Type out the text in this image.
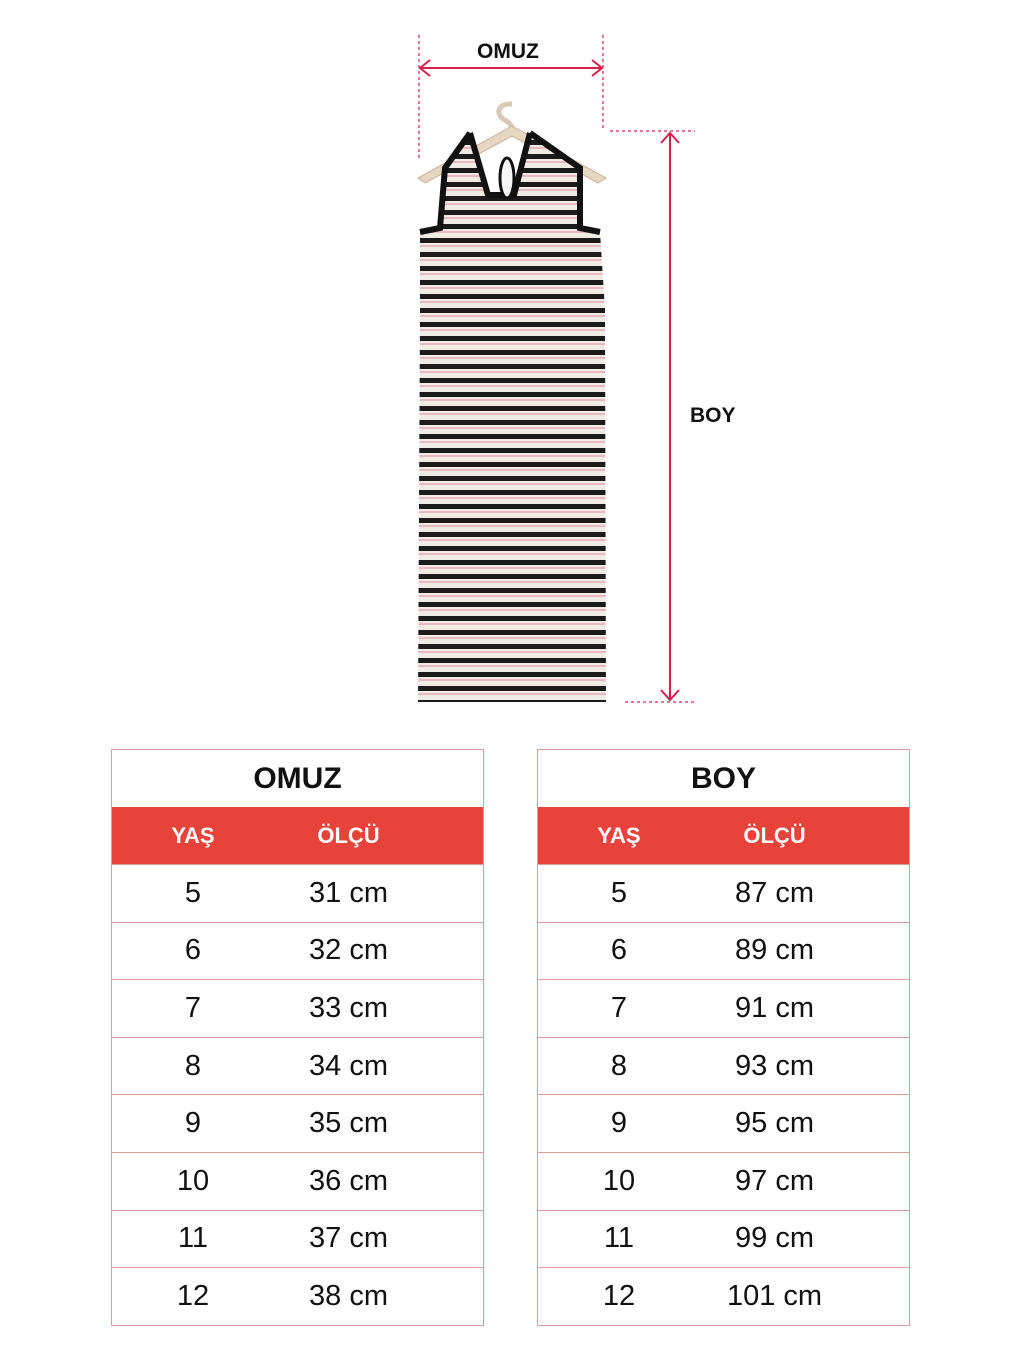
OMUZ
BOY
OMUZ
YAŞ	ÖLÇÜ
5	31 cm
6	32 cm
7	33 cm
8	34 cm
9	35 cm
10	36 cm
11	37 cm
12	38 cm
BOY
YAŞ	ÖLÇÜ
5	87 cm
6	89 cm
7	91 cm
8	93 cm
9	95 cm
10	97 cm
11	99 cm
12	101 cm
